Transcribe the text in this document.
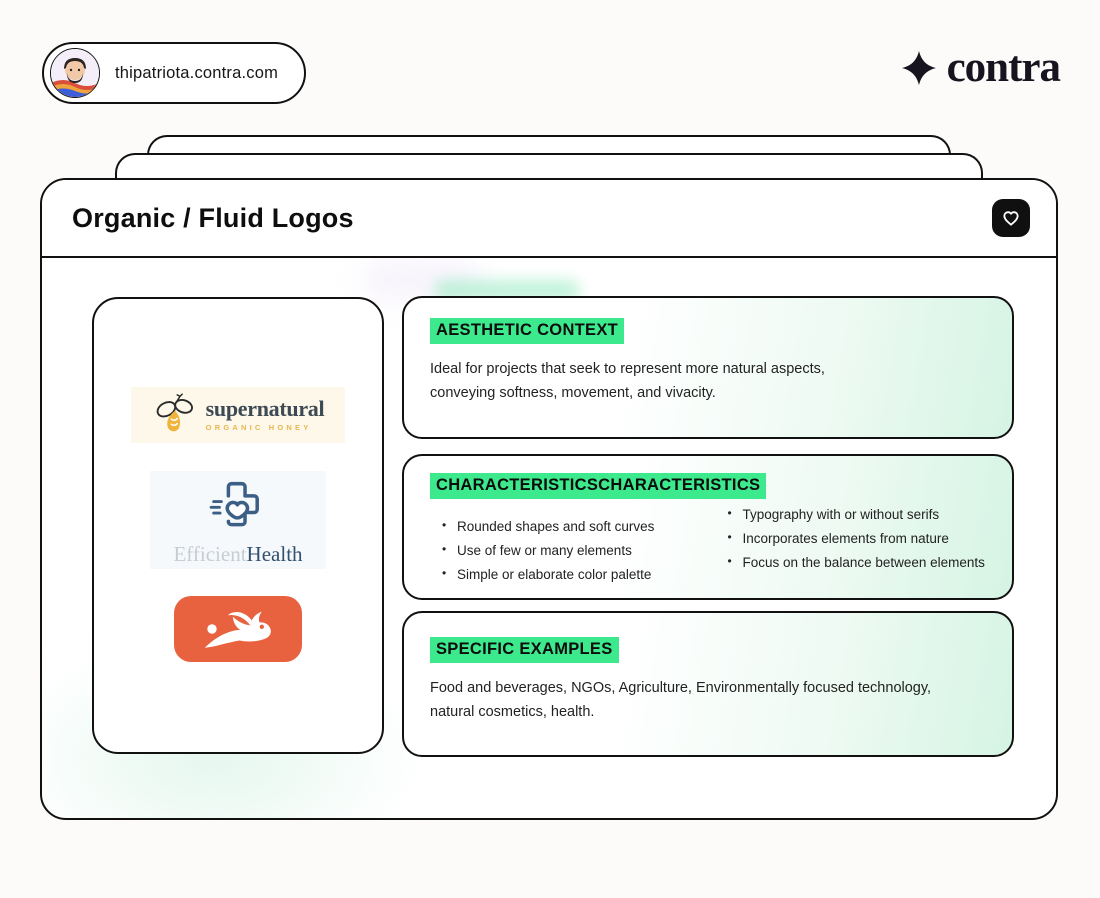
thipatriota.contra.com	contra
Organic / Fluid Logos
supernatural
ORGANIC HONEY
EfficientHealth
AESTHETIC CONTEXT

Ideal for projects that seek to represent more natural aspects, conveying softness, movement, and vivacity.

CHARACTERISTICSCHARACTERISTICS
• Rounded shapes and soft curves
• Use of few or many elements
• Simple or elaborate color palette
• Typography with or without serifs
• Incorporates elements from nature
• Focus on the balance between elements
SPECIFIC EXAMPLES

Food and beverages, NGOs, Agriculture, Environmentally focused technology, natural cosmetics, health.
